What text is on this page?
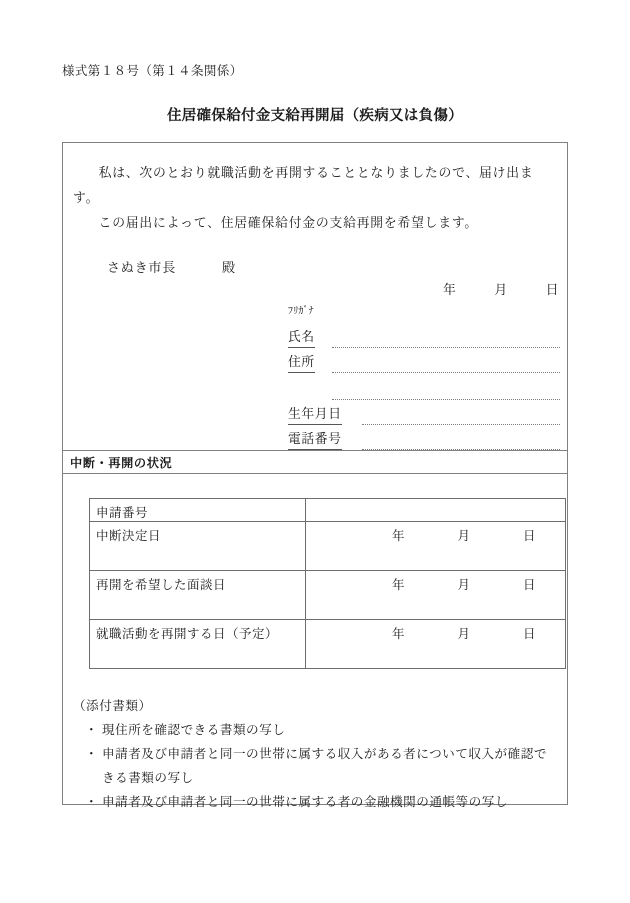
様式第１８号（第１４条関係）
住居確保給付金支給再開届（疾病又は負傷）

私は、次のとおり就職活動を再開することとなりましたので、届け出ます。

この届出によって、住居確保給付金の支給再開を希望します。

さぬき市長	殿
年	月	日
ﾌﾘｶﾞﾅ
氏名
住所
生年月日
電話番号
中断・再開の状況
申請番号	
中断決定日	年 月 日

再開を希望した面談日	年 月 日

就職活動を再開する日（予定）	年 月 日

（添付書類）

・ 現住所を確認できる書類の写し
・ 申請者及び申請者と同一の世帯に属する収入がある者について収入が確認できる書類の写し
・ 申請者及び申請者と同一の世帯に属する者の金融機関の通帳等の写し
